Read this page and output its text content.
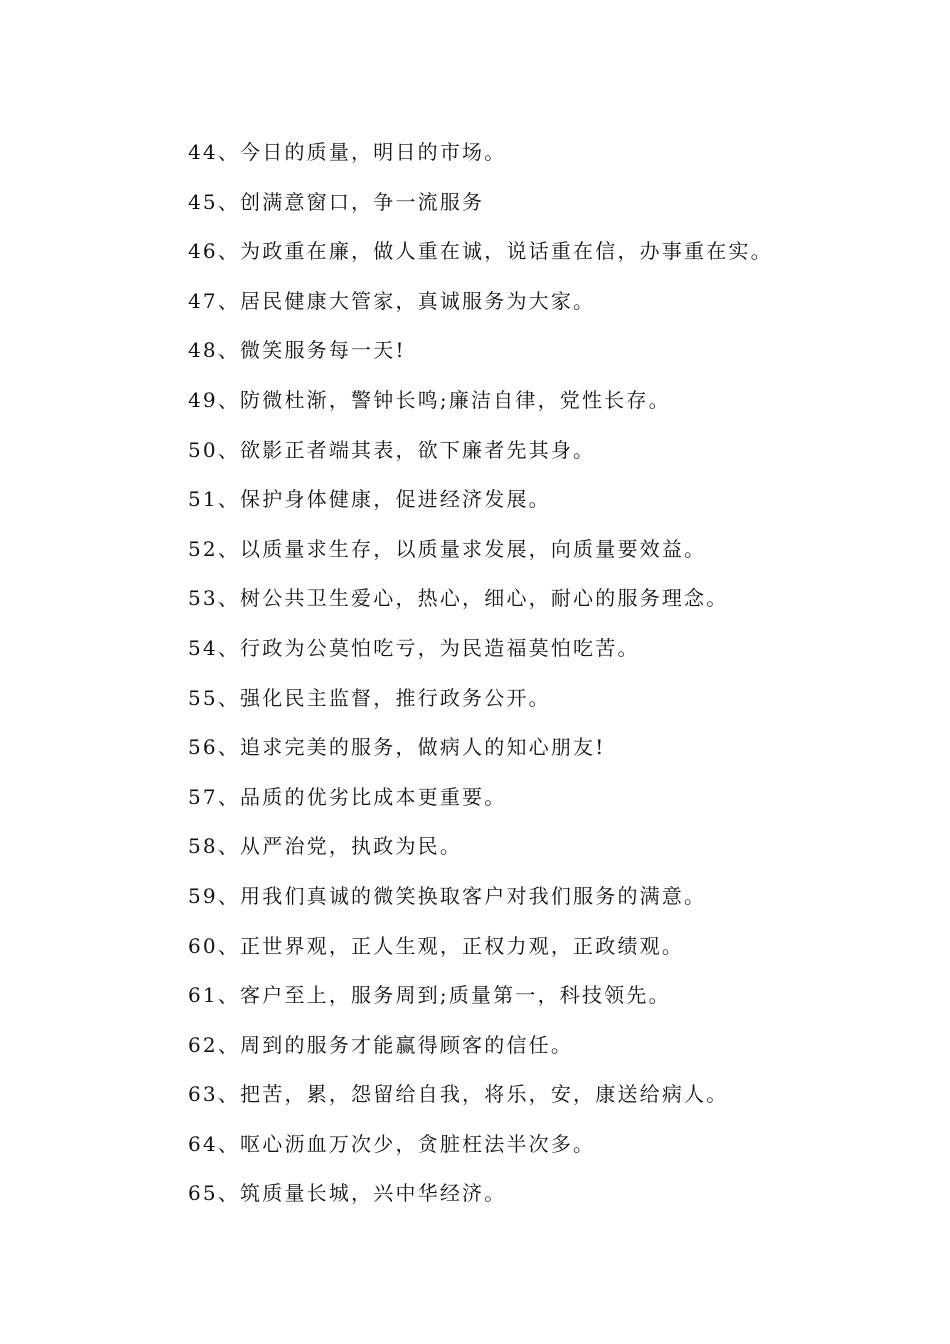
44、今日的质量，明日的市场。
45、创满意窗口，争一流服务
46、为政重在廉，做人重在诚，说话重在信，办事重在实。
47、居民健康大管家，真诚服务为大家。
48、微笑服务每一天!
49、防微杜渐，警钟长鸣;廉洁自律，党性长存。
50、欲影正者端其表，欲下廉者先其身。
51、保护身体健康，促进经济发展。
52、以质量求生存，以质量求发展，向质量要效益。
53、树公共卫生爱心，热心，细心，耐心的服务理念。
54、行政为公莫怕吃亏，为民造福莫怕吃苦。
55、强化民主监督，推行政务公开。
56、追求完美的服务，做病人的知心朋友!
57、品质的优劣比成本更重要。
58、从严治党，执政为民。
59、用我们真诚的微笑换取客户对我们服务的满意。
60、正世界观，正人生观，正权力观，正政绩观。
61、客户至上，服务周到;质量第一，科技领先。
62、周到的服务才能赢得顾客的信任。
63、把苦，累，怨留给自我，将乐，安，康送给病人。
64、呕心沥血万次少，贪脏枉法半次多。
65、筑质量长城，兴中华经济。
